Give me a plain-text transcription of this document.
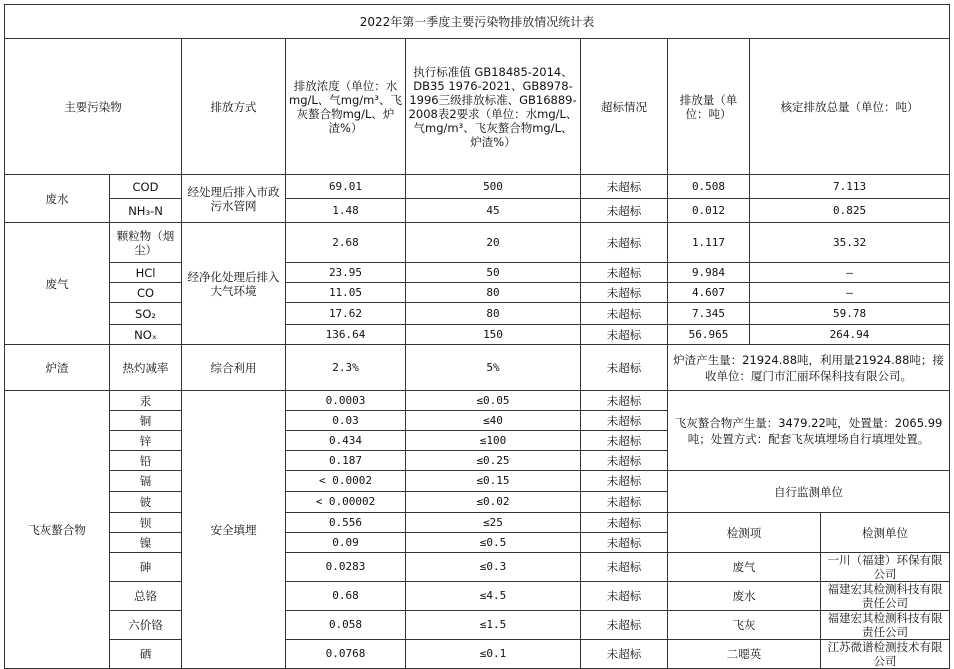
2022年第一季度主要污染物排放情况统计表								
主要污染物		排放方式	排放浓度（单位：水mg/L、气mg/m³、飞灰螯合物mg/L、炉渣%）	执行标准值 GB18485-2014、DB35 1976-2021、GB8978-1996三级排放标准、GB16889-2008表2要求（单位：水mg/L、气mg/m³、飞灰螯合物mg/L、炉渣%）	超标情况	排放量（单位：吨）	核定排放总量（单位：吨）	
废水	COD	经处理后排入市政污水管网	69.01	500	未超标	0.508	7.113	
	NH₃-N		1.48	45	未超标	0.012	0.825	
废气	颗粒物（烟尘）	经净化处理后排入大气环境	2.68	20	未超标	1.117	35.32	
	HCl		23.95	50	未超标	9.984	–	
	CO		11.05	80	未超标	4.607	–	
	SO₂		17.62	80	未超标	7.345	59.78	
	NOₓ		136.64	150	未超标	56.965	264.94	
炉渣	热灼减率	综合利用	2.3%	5%	未超标	炉渣产生量：21924.88吨，利用量21924.88吨；接收单位：厦门市汇丽环保科技有限公司。		
飞灰螯合物	汞	安全填埋	0.0003	≤0.05	未超标	飞灰螯合物产生量：3479.22吨，处置量：2065.99吨；处置方式：配套飞灰填埋场自行填埋处置。		
	铜		0.03	≤40	未超标			
	锌		0.434	≤100	未超标			
	铅		0.187	≤0.25	未超标			
	镉		< 0.0002	≤0.15	未超标	自行监测单位		
	铍		< 0.00002	≤0.02	未超标			
	钡		0.556	≤25	未超标	检测项		检测单位
	镍		0.09	≤0.5	未超标			
	砷		0.0283	≤0.3	未超标	废气		一川（福建）环保有限公司
	总铬		0.68	≤4.5	未超标	废水		福建宏其检测科技有限责任公司
	六价铬		0.058	≤1.5	未超标	飞灰		福建宏其检测科技有限责任公司
	硒		0.0768	≤0.1	未超标	二噁英		江苏微谱检测技术有限公司
